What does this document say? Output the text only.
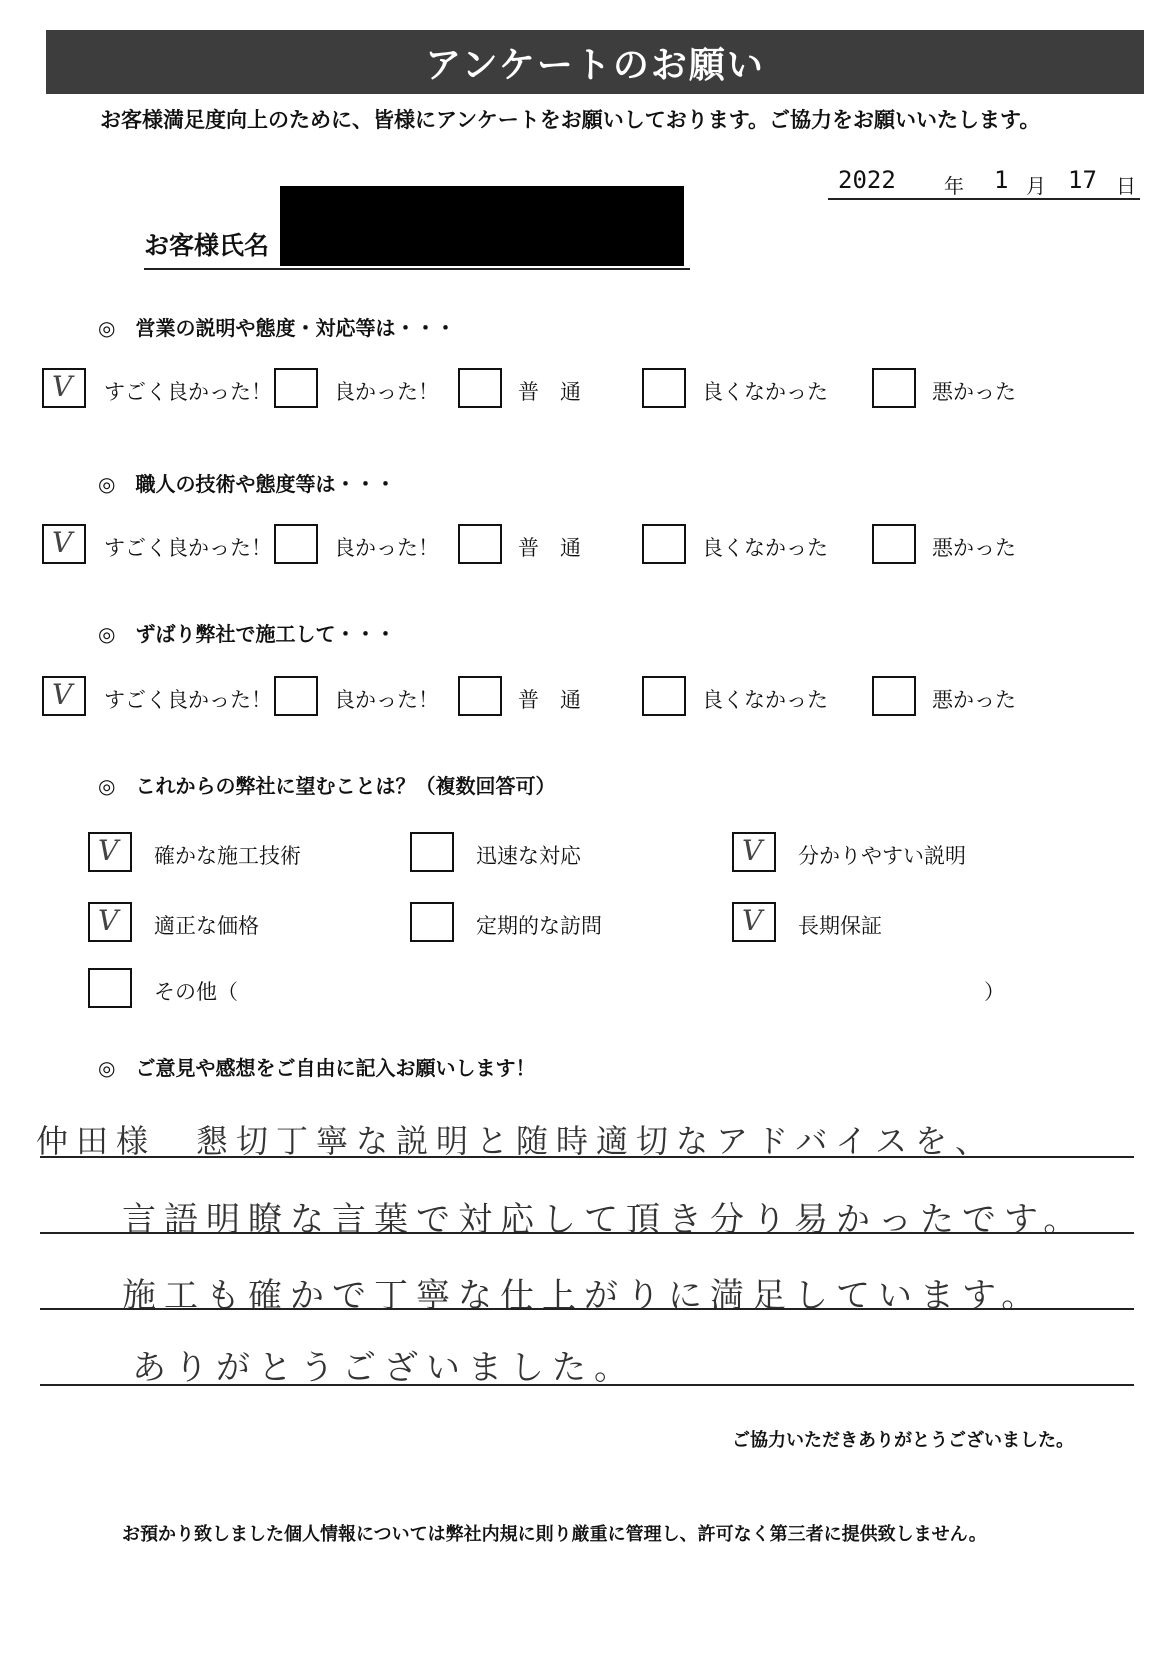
アンケートのお願い
お客様満足度向上のために、皆様にアンケートをお願いしております。ご協力をお願いいたします。
2022 年 1 月 17 日
お客様氏名
◎　営業の説明や態度・対応等は・・・
V すごく良かった！	良かった！	普　通	良くなかった	悪かった
◎　職人の技術や態度等は・・・
V すごく良かった！	良かった！	普　通	良くなかった	悪かった
◎　ずばり弊社で施工して・・・
V すごく良かった！	良かった！	普　通	良くなかった	悪かった
◎　これからの弊社に望むことは？（複数回答可）
V 確かな施工技術	迅速な対応	V 分かりやすい説明
V 適正な価格	定期的な訪問	V 長期保証
その他（	）
◎　ご意見や感想をご自由に記入お願いします！
仲田様　懇切丁寧な説明と随時適切なアドバイスを、
言語明瞭な言葉で対応して頂き分り易かったです。
施工も確かで丁寧な仕上がりに満足しています。
ありがとうございました。
ご協力いただきありがとうございました。
お預かり致しました個人情報については弊社内規に則り厳重に管理し、許可なく第三者に提供致しません。
